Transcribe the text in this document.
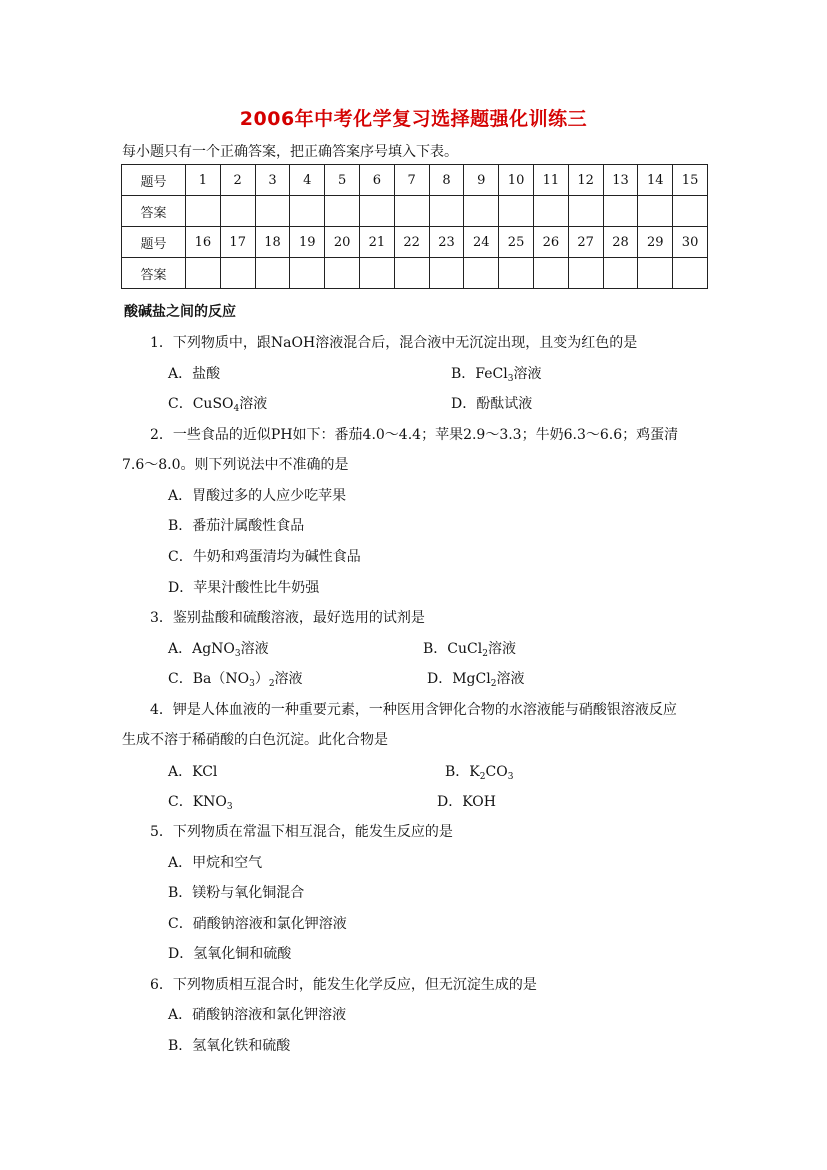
2006年中考化学复习选择题强化训练三
每小题只有一个正确答案，把正确答案序号填入下表。
题号	1	2	3	4	5	6	7	8	9	10	11	12	13	14	15
答案															
题号	16	17	18	19	20	21	22	23	24	25	26	27	28	29	30
答案															
酸碱盐之间的反应
1．下列物质中，跟NaOH溶液混合后，混合液中无沉淀出现，且变为红色的是
A．盐酸	B．FeCl$_3$溶液
C．CuSO$_4$溶液	D．酚酞试液
2．一些食品的近似PH如下：番茄4.0～4.4；苹果2.9～3.3；牛奶6.3～6.6；鸡蛋清
7.6～8.0。则下列说法中不准确的是
A．胃酸过多的人应少吃苹果
B．番茄汁属酸性食品
C．牛奶和鸡蛋清均为碱性食品
D．苹果汁酸性比牛奶强
3．鉴别盐酸和硫酸溶液，最好选用的试剂是
A．AgNO$_3$溶液	B．CuCl$_2$溶液
C．$Ba(NO_3)_2$溶液	D．MgCl$_2$溶液
4．钾是人体血液的一种重要元素，一种医用含钾化合物的水溶液能与硝酸银溶液反应
生成不溶于稀硝酸的白色沉淀。此化合物是
A．KCl	B．$K_2CO_3$
C．$KNO_3$	D．KOH
5．下列物质在常温下相互混合，能发生反应的是
A．甲烷和空气
B．镁粉与氧化铜混合
C．硝酸钠溶液和氯化钾溶液
D．氢氧化铜和硫酸
6．下列物质相互混合时，能发生化学反应，但无沉淀生成的是
A．硝酸钠溶液和氯化钾溶液
B．氢氧化铁和硫酸
